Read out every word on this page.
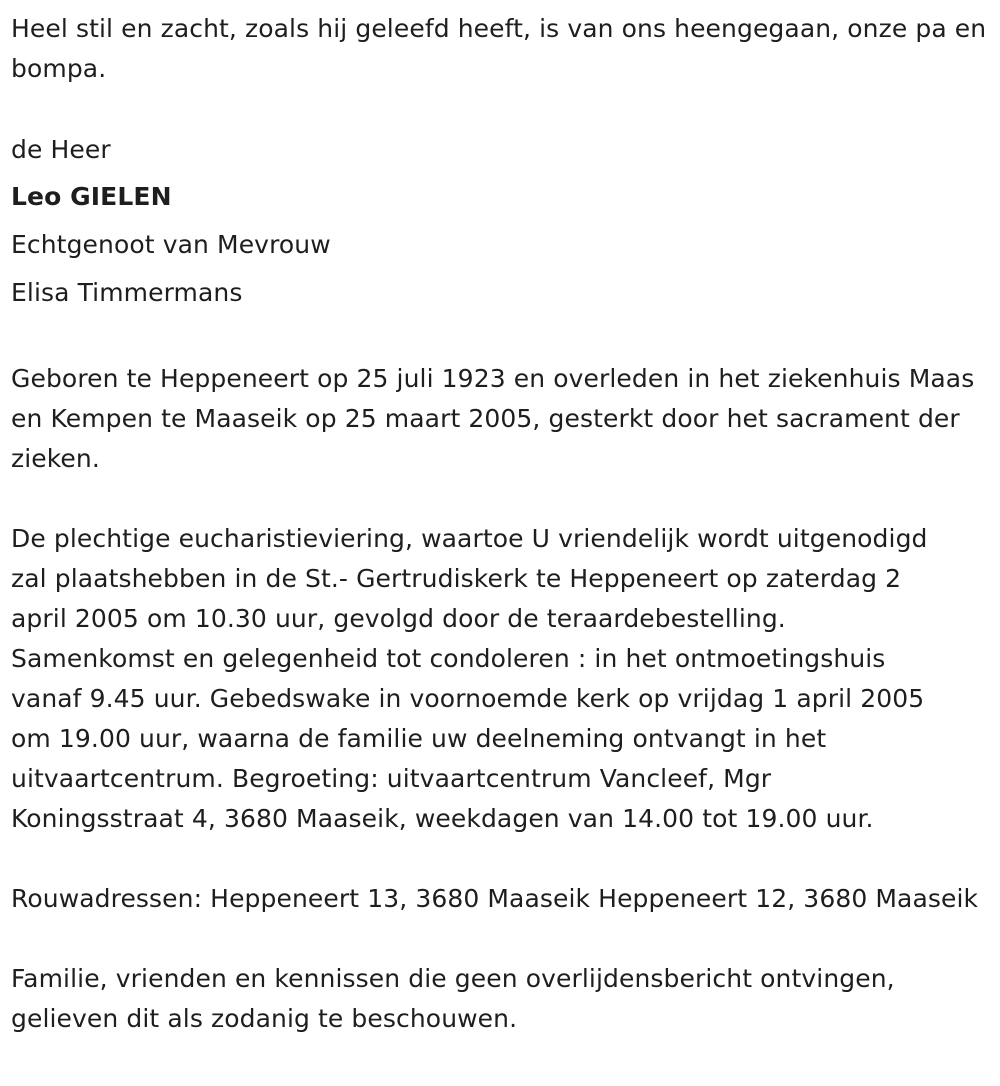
Heel stil en zacht, zoals hij geleefd heeft, is van ons heengegaan, onze pa en bompa.

de Heer

Leo GIELEN

Echtgenoot van Mevrouw

Elisa Timmermans

Geboren te Heppeneert op 25 juli 1923 en overleden in het ziekenhuis Maas en Kempen te Maaseik op 25 maart 2005, gesterkt door het sacrament der zieken.

De plechtige eucharistieviering, waartoe U vriendelijk wordt uitgenodigd

zal plaatshebben in de St.- Gertrudiskerk te Heppeneert op zaterdag 2

april 2005 om 10.30 uur, gevolgd door de teraardebestelling.

Samenkomst en gelegenheid tot condoleren : in het ontmoetingshuis

vanaf 9.45 uur. Gebedswake in voornoemde kerk op vrijdag 1 april 2005

om 19.00 uur, waarna de familie uw deelneming ontvangt in het

uitvaartcentrum. Begroeting: uitvaartcentrum Vancleef, Mgr

Koningsstraat 4, 3680 Maaseik, weekdagen van 14.00 tot 19.00 uur.

Rouwadressen: Heppeneert 13, 3680 Maaseik Heppeneert 12, 3680 Maaseik

Familie, vrienden en kennissen die geen overlijdensbericht ontvingen, gelieven dit als zodanig te beschouwen.
